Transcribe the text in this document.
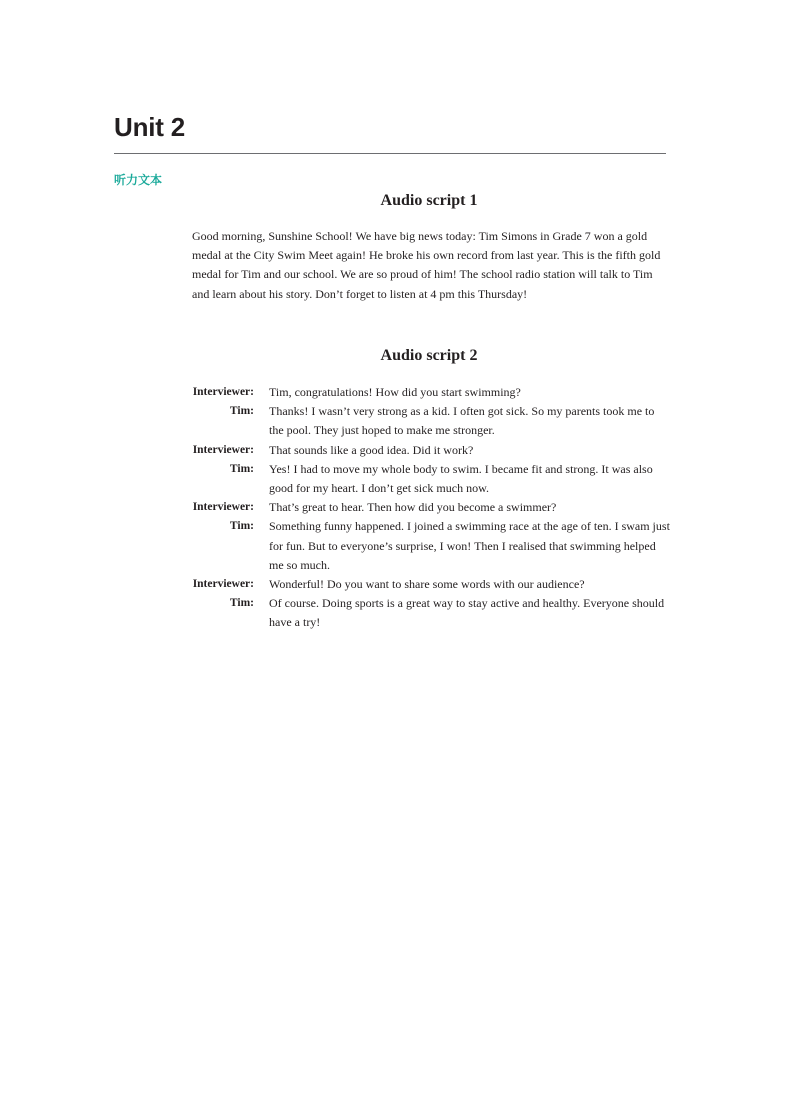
Unit 2
听力文本
Audio script 1

Good morning, Sunshine School! We have big news today: Tim Simons in Grade 7 won a gold medal at the City Swim Meet again! He broke his own record from last year. This is the fifth gold medal for Tim and our school. We are so proud of him! The school radio station will talk to Tim and learn about his story. Don’t forget to listen at 4 pm this Thursday!

Audio script 2
Interviewer: Tim, congratulations! How did you start swimming?
Tim: Thanks! I wasn’t very strong as a kid. I often got sick. So my parents took me to the pool. They just hoped to make me stronger.
Interviewer: That sounds like a good idea. Did it work?
Tim: Yes! I had to move my whole body to swim. I became fit and strong. It was also good for my heart. I don’t get sick much now.
Interviewer: That’s great to hear. Then how did you become a swimmer?
Tim: Something funny happened. I joined a swimming race at the age of ten. I swam just for fun. But to everyone’s surprise, I won! Then I realised that swimming helped me so much.
Interviewer: Wonderful! Do you want to share some words with our audience?
Tim: Of course. Doing sports is a great way to stay active and healthy. Everyone should have a try!
